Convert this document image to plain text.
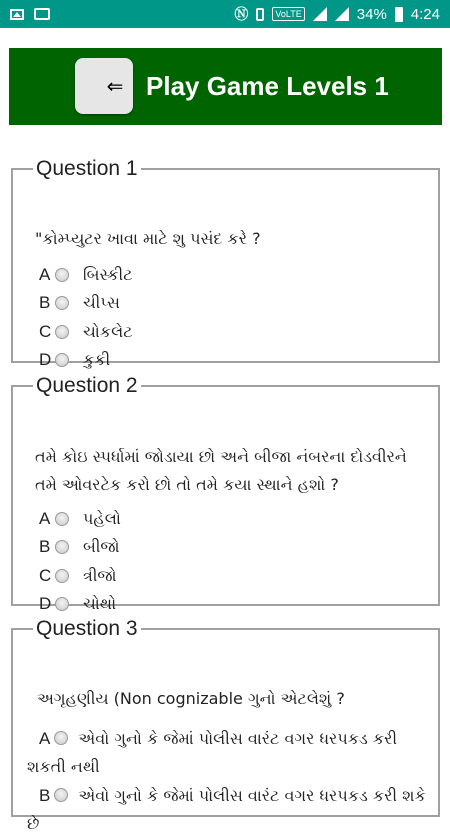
Ⓝ	VoLTE	34% 4:24
⇐ Play Game Levels 1
Question 1
"કોમ્પ્યુટર ખાવા માટે શુ પસંદ કરે ?
A બિસ્કીટ
B ચીપ્સ
C ચોકલેટ
D કુકી
Question 2
તમે કોઇ સ્પર્ધામાં જોડાયા છો અને બીજા નંબરના દોડવીરને
તમે ઓવરટેક કરો છો તો તમે કયા સ્થાને હશો ?
A પહેલો
B બીજો
C ત્રીજો
D ચોથો
Question 3
અગૃહણીય (Non cognizable ગુનો એટલેશું ?
A એવો ગુનો કે જેમાં પોલીસ વારંટ વગર ધરપકડ કરી શકતી નથી
B એવો ગુનો કે જેમાં પોલીસ વારંટ વગર ધરપકડ કરી શકે છે
